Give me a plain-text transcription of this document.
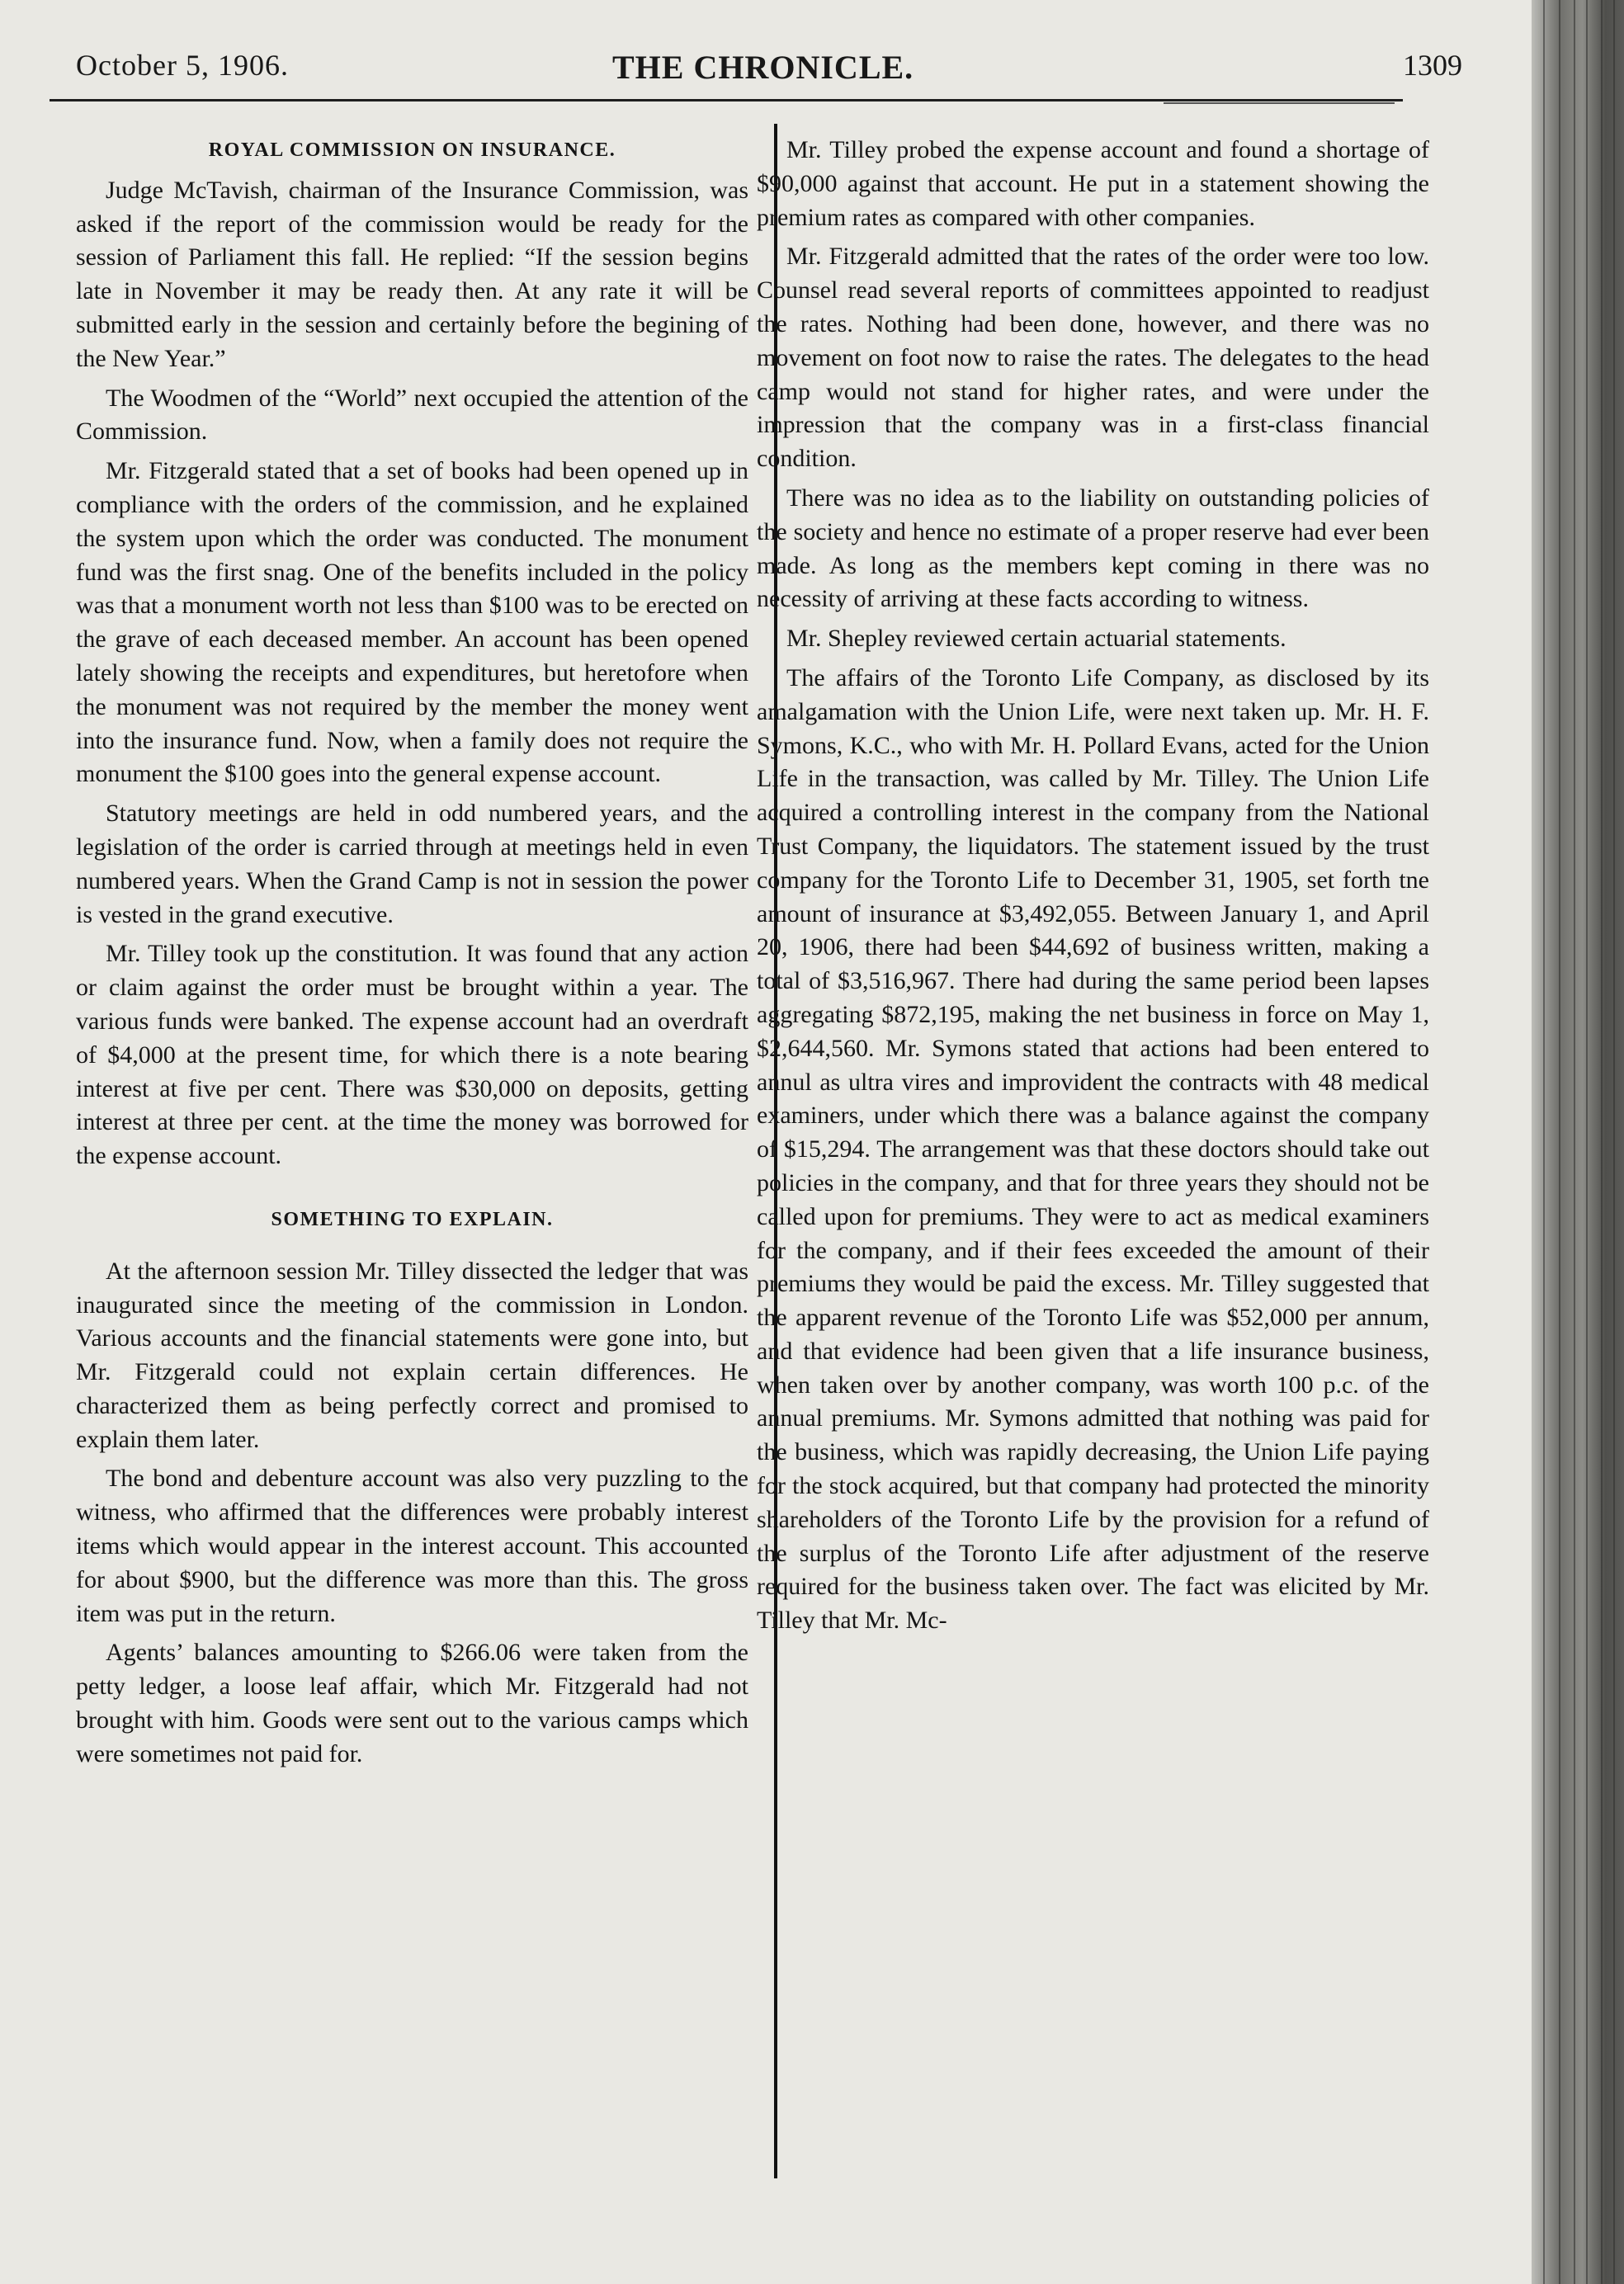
October 5, 1906.	THE CHRONICLE.	1309
ROYAL COMMISSION ON INSURANCE.

Judge McTavish, chairman of the Insurance Commission, was asked if the report of the commission would be ready for the session of Parliament this fall. He replied: “If the session begins late in November it may be ready then. At any rate it will be submitted early in the session and certainly before the begining of the New Year.”

The Woodmen of the “World” next occupied the attention of the Commission.

Mr. Fitzgerald stated that a set of books had been opened up in compliance with the orders of the commission, and he explained the system upon which the order was conducted. The monument fund was the first snag. One of the benefits included in the policy was that a monument worth not less than $100 was to be erected on the grave of each deceased member. An account has been opened lately showing the receipts and expenditures, but heretofore when the monument was not required by the member the money went into the insurance fund. Now, when a family does not require the monument the $100 goes into the general expense account.

Statutory meetings are held in odd numbered years, and the legislation of the order is carried through at meetings held in even numbered years. When the Grand Camp is not in session the power is vested in the grand executive.

Mr. Tilley took up the constitution. It was found that any action or claim against the order must be brought within a year. The various funds were banked. The expense account had an overdraft of $4,000 at the present time, for which there is a note bearing interest at five per cent. There was $30,000 on deposits, getting interest at three per cent. at the time the money was borrowed for the expense account.

SOMETHING TO EXPLAIN.

At the afternoon session Mr. Tilley dissected the ledger that was inaugurated since the meeting of the commission in London. Various accounts and the financial statements were gone into, but Mr. Fitzgerald could not explain certain differences. He characterized them as being perfectly correct and promised to explain them later.

The bond and debenture account was also very puzzling to the witness, who affirmed that the differences were probably interest items which would appear in the interest account. This accounted for about $900, but the difference was more than this. The gross item was put in the return.

Agents’ balances amounting to $266.06 were taken from the petty ledger, a loose leaf affair, which Mr. Fitzgerald had not brought with him. Goods were sent out to the various camps which were sometimes not paid for.

Mr. Tilley probed the expense account and found a shortage of $90,000 against that account. He put in a statement showing the premium rates as compared with other companies.

Mr. Fitzgerald admitted that the rates of the order were too low. Counsel read several reports of committees appointed to readjust the rates. Nothing had been done, however, and there was no movement on foot now to raise the rates. The delegates to the head camp would not stand for higher rates, and were under the impression that the company was in a first-class financial condition.

There was no idea as to the liability on outstanding policies of the society and hence no estimate of a proper reserve had ever been made. As long as the members kept coming in there was no necessity of arriving at these facts according to witness.

Mr. Shepley reviewed certain actuarial statements.

The affairs of the Toronto Life Company, as disclosed by its amalgamation with the Union Life, were next taken up. Mr. H. F. Symons, K.C., who with Mr. H. Pollard Evans, acted for the Union Life in the transaction, was called by Mr. Tilley. The Union Life acquired a controlling interest in the company from the National Trust Company, the liquidators. The statement issued by the trust company for the Toronto Life to December 31, 1905, set forth tne amount of insurance at $3,492,055. Between January 1, and April 20, 1906, there had been $44,692 of business written, making a total of $3,516,967. There had during the same period been lapses aggregating $872,195, making the net business in force on May 1, $2,644,560. Mr. Symons stated that actions had been entered to annul as ultra vires and improvident the contracts with 48 medical examiners, under which there was a balance against the company of $15,294. The arrangement was that these doctors should take out policies in the company, and that for three years they should not be called upon for premiums. They were to act as medical examiners for the company, and if their fees exceeded the amount of their premiums they would be paid the excess. Mr. Tilley suggested that the apparent revenue of the Toronto Life was $52,000 per annum, and that evidence had been given that a life insurance business, when taken over by another company, was worth 100 p.c. of the annual premiums. Mr. Symons admitted that nothing was paid for the business, which was rapidly decreasing, the Union Life paying for the stock acquired, but that company had protected the minority shareholders of the Toronto Life by the provision for a refund of the surplus of the Toronto Life after adjustment of the reserve required for the business taken over. The fact was elicited by Mr. Tilley that Mr. Mc-
